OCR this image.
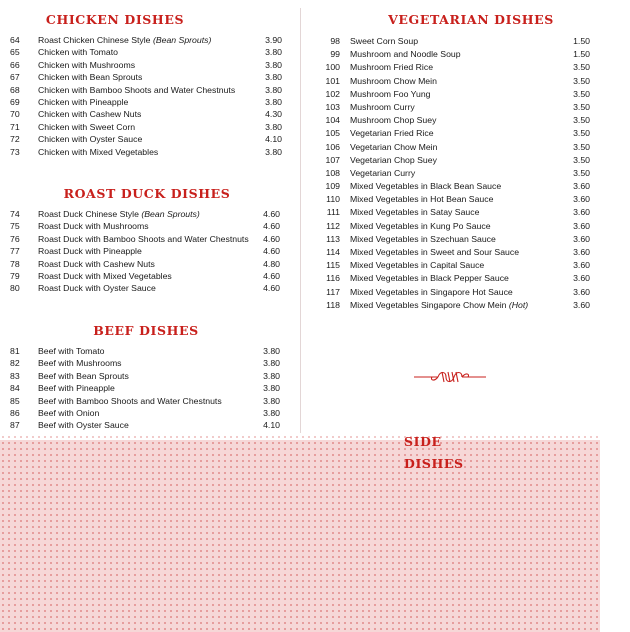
CHICKEN DISHES
64	Roast Chicken Chinese Style (Bean Sprouts)	3.90
65	Chicken with Tomato	3.80
66	Chicken with Mushrooms	3.80
67	Chicken with Bean Sprouts	3.80
68	Chicken with Bamboo Shoots and Water Chestnuts	3.80
69	Chicken with Pineapple	3.80
70	Chicken with Cashew Nuts	4.30
71	Chicken with Sweet Corn	3.80
72	Chicken with Oyster Sauce	4.10
73	Chicken with Mixed Vegetables	3.80
ROAST DUCK DISHES
74	Roast Duck Chinese Style (Bean Sprouts)	4.60
75	Roast Duck with Mushrooms	4.60
76	Roast Duck with Bamboo Shoots and Water Chestnuts 4.60
77	Roast Duck with Pineapple	4.60
78	Roast Duck with Cashew Nuts	4.80
79	Roast Duck with Mixed Vegetables	4.60
80	Roast Duck with Oyster Sauce	4.60
BEEF DISHES
81	Beef with Tomato	3.80
82	Beef with Mushrooms	3.80
83	Beef with Bean Sprouts	3.80
84	Beef with Pineapple	3.80
85	Beef with Bamboo Shoots and Water Chestnuts	3.80
86	Beef with Onion	3.80
87	Beef with Oyster Sauce	4.10
VEGETARIAN DISHES
98 Sweet Corn Soup	1.50
99 Mushroom and Noodle Soup	1.50
100 Mushroom Fried Rice	3.50
101 Mushroom Chow Mein	3.50
102 Mushroom Foo Yung	3.50
103 Mushroom Curry	3.50
104 Mushroom Chop Suey	3.50
105 Vegetarian Fried Rice	3.50
106 Vegetarian Chow Mein	3.50
107 Vegetarian Chop Suey	3.50
108 Vegetarian Curry	3.50
109 Mixed Vegetables in Black Bean Sauce	3.60
110 Mixed Vegetables in Hot Bean Sauce	3.60
111 Mixed Vegetables in Satay Sauce	3.60
112 Mixed Vegetables in Kung Po Sauce	3.60
113 Mixed Vegetables in Szechuan Sauce	3.60
114 Mixed Vegetables in Sweet and Sour Sauce	3.60
115 Mixed Vegetables in Capital Sauce	3.60
116 Mixed Vegetables in Black Pepper Sauce	3.60
117 Mixed Vegetables in Singapore Hot Sauce	3.60
118 Mixed Vegetables Singapore Chow Mein (Hot)	3.60
